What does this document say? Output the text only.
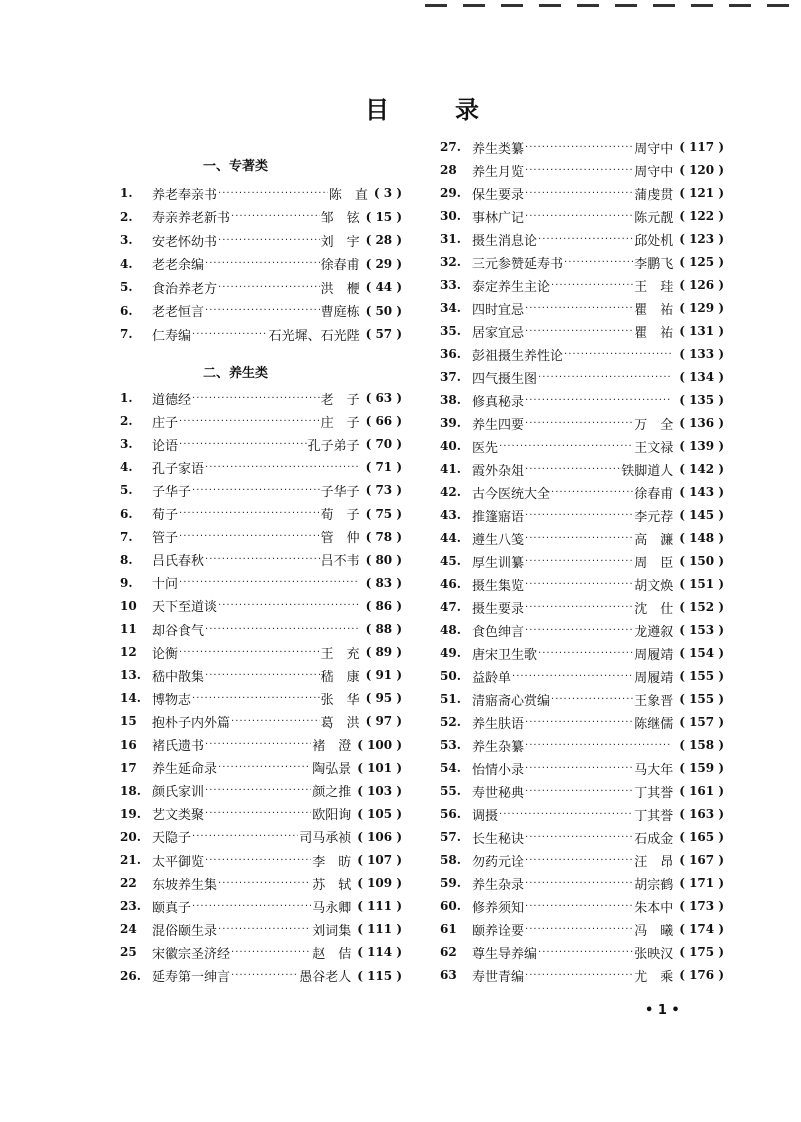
目	录
一、专著类
二、养生类
1.	养老奉亲书 ·····	陈　直	( 3 )
2.	寿亲养老新书 ·····	邹　铉	( 15 )
3.	安老怀幼书 ·····	刘　宇	( 28 )
4.	老老余编 ·····	徐春甫	( 29 )
5.	食治养老方 ·····	洪　楩	( 44 )
6.	老老恒言 ·····	曹庭栋	( 50 )
7.	仁寿编 ·····	石光墀、石光陛	( 57 )
1.	道德经 ·····	老　子	( 63 )
2.	庄子 ·····	庄　子	( 66 )
3.	论语 ·····	孔子弟子	( 70 )
4.	孔子家语 ·····	( 71 )
5.	子华子 ·····	子华子	( 73 )
6.	荀子 ·····	荀　子	( 75 )
7.	管子 ·····	管　仲	( 78 )
8.	吕氏春秋 ·····	吕不韦	( 80 )
9.	十问 ·····	( 83 )
10	天下至道谈 ·····	( 86 )
11	却谷食气 ·····	( 88 )
12	论衡 ·····	王　充	( 89 )
13. 嵇中散集 ·····	嵇　康	( 91 )
14. 博物志 ·····	张　华	( 95 )
15	抱朴子内外篇 ·····	葛　洪	( 97 )
16	褚氏遗书 ·····	褚　澄	( 100 )
17	养生延命录 ·····	陶弘景	( 101 )
18. 颜氏家训 ·····	颜之推	( 103 )
19. 艺文类聚 ·····	欧阳询	( 105 )
20. 天隐子 ·····	司马承祯	( 106 )
21. 太平御览 ·····	李　昉	( 107 )
22	东坡养生集 ·····	苏　轼	( 109 )
23. 颐真子 ·····	马永卿	( 111 )
24	混俗颐生录 ·····	刘词集	( 111 )
25	宋徽宗圣济经 ·····	赵　佶	( 114 )
26. 延寿第一绅言 ·····	愚谷老人	( 115 )
27. 养生类纂 ·····	周守中	( 117 )
28	养生月览 ·····	周守中	( 120 )
29. 保生要录 ·····	蒲虔贯	( 121 )
30. 事林广记 ·····	陈元靓	( 122 )
31. 摄生消息论 ·····	邱处机	( 123 )
32. 三元参赞延寿书 ·····	李鹏飞	( 125 )
33. 泰定养生主论 ·····	王　珪	( 126 )
34. 四时宜忌 ·····	瞿　祐	( 129 )
35. 居家宜忌 ·····	瞿　祐	( 131 )
36. 彭祖摄生养性论 ·····	( 133 )
37. 四气摄生图 ·····	( 134 )
38. 修真秘录 ·····	( 135 )
39. 养生四要 ·····	万　全	( 136 )
40. 医先 ·····	王文禄	( 139 )
41. 霞外杂俎 ·····	铁脚道人	( 142 )
42. 古今医统大全 ·····	徐春甫	( 143 )
43. 推篷寤语 ·····	李元荐	( 145 )
44. 遵生八笺 ·····	高　濂	( 148 )
45. 厚生训纂 ·····	周　臣	( 150 )
46. 摄生集览 ·····	胡文焕	( 151 )
47. 摄生要录 ·····	沈　仕	( 152 )
48. 食色绅言 ·····	龙遵叙	( 153 )
49. 唐宋卫生歌 ·····	周履靖	( 154 )
50. 益龄单 ·····	周履靖	( 155 )
51. 清寤斋心赏编 ·····	王象晋	( 155 )
52. 养生肤语 ·····	陈继儒	( 157 )
53. 养生杂纂 ·····	( 158 )
54. 怡情小录 ·····	马大年	( 159 )
55. 寿世秘典 ·····	丁其誉	( 161 )
56. 调摄 ·····	丁其誉	( 163 )
57. 长生秘诀 ·····	石成金	( 165 )
58. 勿药元诠 ·····	汪　昂	( 167 )
59. 养生杂录 ·····	胡宗鹤	( 171 )
60. 修养须知 ·····	朱本中	( 173 )
61	颐养诠要 ·····	冯　曦	( 174 )
62	尊生导养编 ·····	张映汉	( 175 )
63	寿世青编 ·····	尤　乘	( 176 )
• 1 •
